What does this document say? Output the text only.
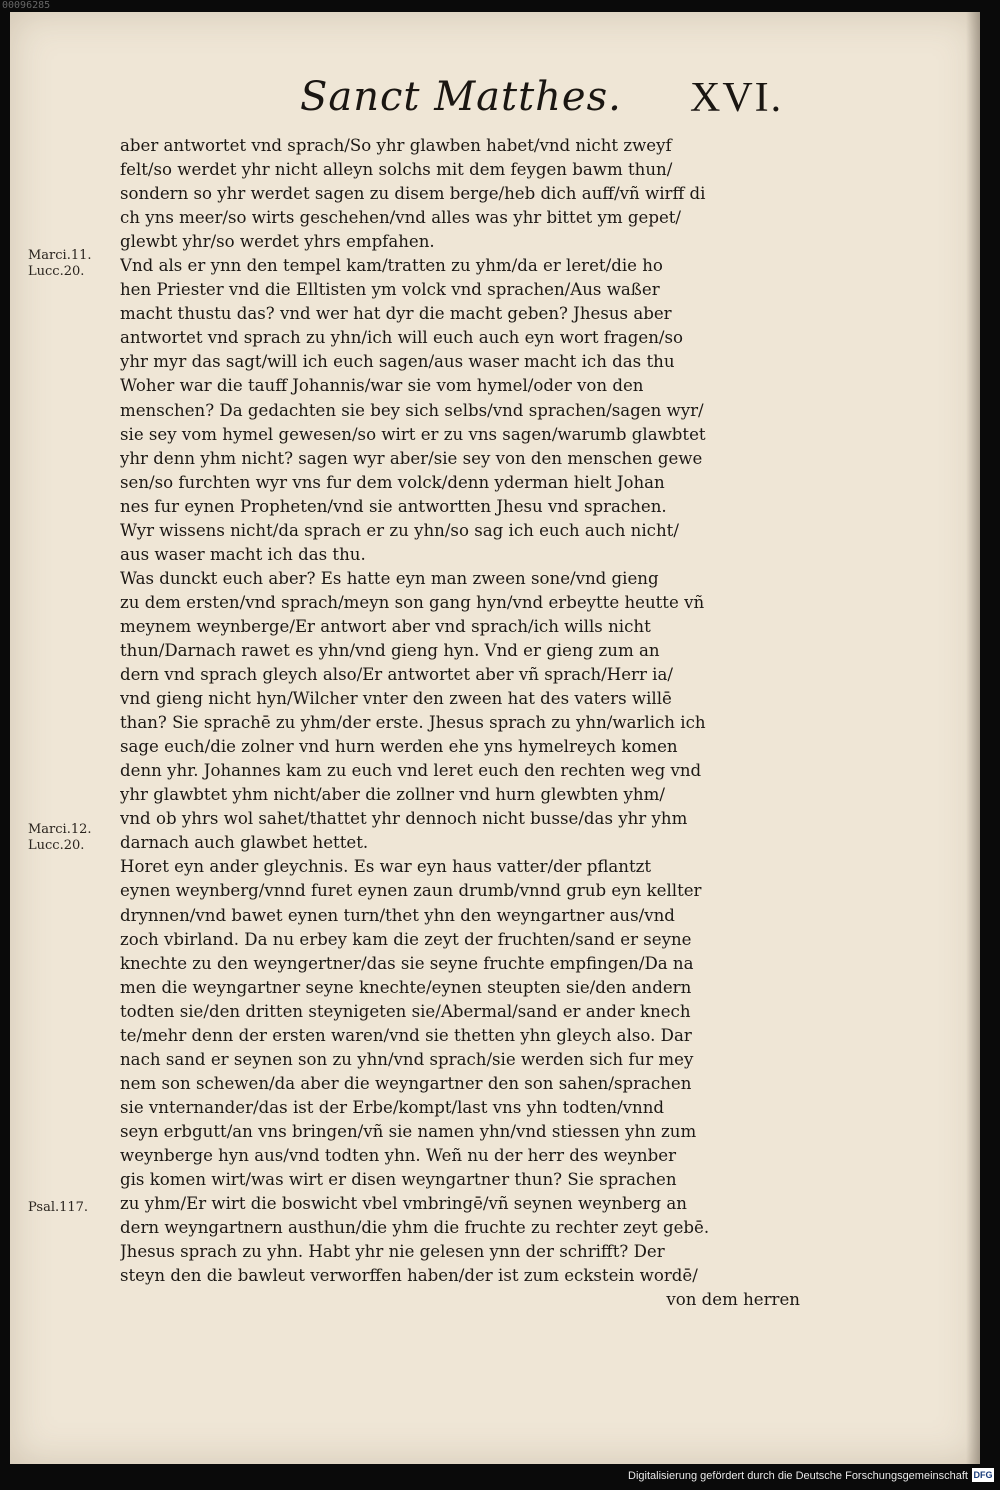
00096285
Sanct Matthes. XVI.
Marci.11.
Lucc.20.
Marci.12.
Lucc.20.
Psal.117.
aber antwortet vnd sprach/So yhr glawben habet/vnd nicht zweyf
felt/so werdet yhr nicht alleyn solchs mit dem feygen bawm thun/
sondern so yhr werdet sagen zu disem berge/heb dich auff/vñ wirff di
ch yns meer/so wirts geschehen/vnd alles was yhr bittet ym gepet/
glewbt yhr/so werdet yhrs empfahen.
Vnd als er ynn den tempel kam/tratten zu yhm/da er leret/die ho
hen Priester vnd die Elltisten ym volck vnd sprachen/Aus waßer
macht thustu das? vnd wer hat dyr die macht geben? Jhesus aber
antwortet vnd sprach zu yhn/ich will euch auch eyn wort fragen/so
yhr myr das sagt/will ich euch sagen/aus waser macht ich das thu
Woher war die tauff Johannis/war sie vom hymel/oder von den
menschen? Da gedachten sie bey sich selbs/vnd sprachen/sagen wyr/
sie sey vom hymel gewesen/so wirt er zu vns sagen/warumb glawbtet
yhr denn yhm nicht? sagen wyr aber/sie sey von den menschen gewe
sen/so furchten wyr vns fur dem volck/denn yderman hielt Johan
nes fur eynen Propheten/vnd sie antwortten Jhesu vnd sprachen.
Wyr wissens nicht/da sprach er zu yhn/so sag ich euch auch nicht/
aus waser macht ich das thu.
Was dunckt euch aber? Es hatte eyn man zween sone/vnd gieng
zu dem ersten/vnd sprach/meyn son gang hyn/vnd erbeytte heutte vñ
meynem weynberge/Er antwort aber vnd sprach/ich wills nicht
thun/Darnach rawet es yhn/vnd gieng hyn. Vnd er gieng zum an
dern vnd sprach gleych also/Er antwortet aber vñ sprach/Herr ia/
vnd gieng nicht hyn/Wilcher vnter den zween hat des vaters willē
than? Sie sprachē zu yhm/der erste. Jhesus sprach zu yhn/warlich ich
sage euch/die zolner vnd hurn werden ehe yns hymelreych komen
denn yhr. Johannes kam zu euch vnd leret euch den rechten weg vnd
yhr glawbtet yhm nicht/aber die zollner vnd hurn glewbten yhm/
vnd ob yhrs wol sahet/thattet yhr dennoch nicht busse/das yhr yhm
darnach auch glawbet hettet.
Horet eyn ander gleychnis. Es war eyn haus vatter/der pflantzt
eynen weynberg/vnnd furet eynen zaun drumb/vnnd grub eyn kellter
drynnen/vnd bawet eynen turn/thet yhn den weyngartner aus/vnd
zoch vbirland. Da nu erbey kam die zeyt der fruchten/sand er seyne
knechte zu den weyngertner/das sie seyne fruchte empfingen/Da na
men die weyngartner seyne knechte/eynen steupten sie/den andern
todten sie/den dritten steynigeten sie/Abermal/sand er ander knech
te/mehr denn der ersten waren/vnd sie thetten yhn gleych also. Dar
nach sand er seynen son zu yhn/vnd sprach/sie werden sich fur mey
nem son schewen/da aber die weyngartner den son sahen/sprachen
sie vnternander/das ist der Erbe/kompt/last vns yhn todten/vnnd
seyn erbgutt/an vns bringen/vñ sie namen yhn/vnd stiessen yhn zum
weynberge hyn aus/vnd todten yhn. Weñ nu der herr des weynber
gis komen wirt/was wirt er disen weyngartner thun? Sie sprachen
zu yhm/Er wirt die boswicht vbel vmbringē/vñ seynen weynberg an
dern weyngartnern austhun/die yhm die fruchte zu rechter zeyt gebē.
Jhesus sprach zu yhn. Habt yhr nie gelesen ynn der schrifft? Der
steyn den die bawleut verworffen haben/der ist zum eckstein wordē/
von dem herren
Digitalisierung gefördert durch die Deutsche Forschungsgemeinschaft DFG
